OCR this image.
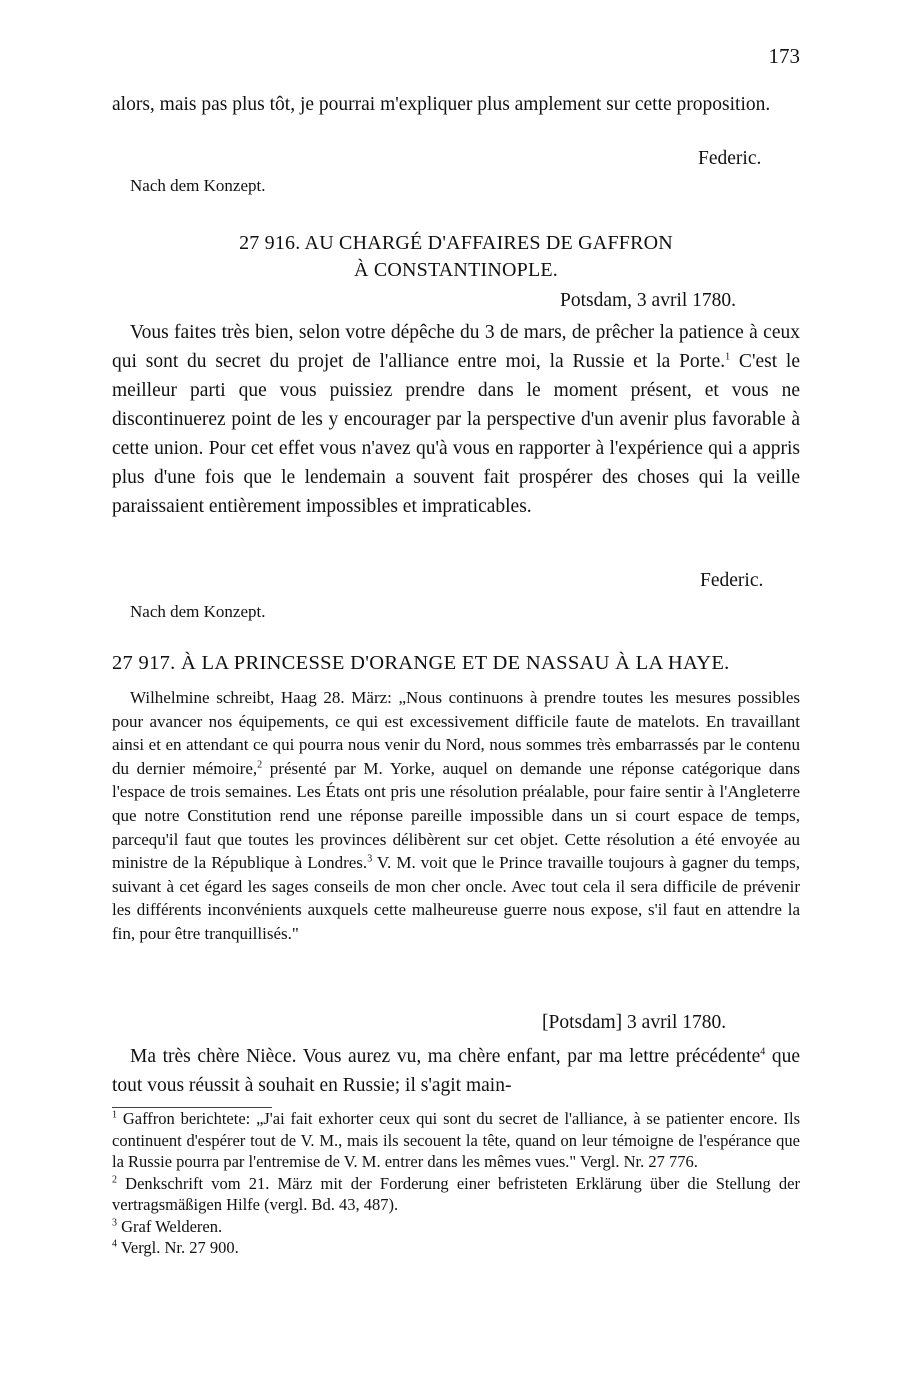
173

alors, mais pas plus tôt, je pourrai m'expliquer plus amplement sur cette proposition.

Federic.
Nach dem Konzept.
27 916. AU CHARGÉ D'AFFAIRES DE GAFFRON
À CONSTANTINOPLE.
Potsdam, 3 avril 1780.

Vous faites très bien, selon votre dépêche du 3 de mars, de prêcher la patience à ceux qui sont du secret du projet de l'alliance entre moi, la Russie et la Porte.$^1$ C'est le meilleur parti que vous puissiez prendre dans le moment présent, et vous ne discontinuerez point de les y encourager par la perspective d'un avenir plus favorable à cette union. Pour cet effet vous n'avez qu'à vous en rapporter à l'expérience qui a appris plus d'une fois que le lendemain a souvent fait prospérer des choses qui la veille paraissaient entièrement impossibles et impraticables.

Federic.
Nach dem Konzept.
27 917. À LA PRINCESSE D'ORANGE ET DE NASSAU À LA HAYE.

Wilhelmine schreibt, Haag 28. März: „Nous continuons à prendre toutes les mesures possibles pour avancer nos équipements, ce qui est excessivement difficile faute de matelots. En travaillant ainsi et en attendant ce qui pourra nous venir du Nord, nous sommes très embarrassés par le contenu du dernier mémoire,$^2$ présenté par M. Yorke, auquel on demande une réponse catégorique dans l'espace de trois semaines. Les États ont pris une résolution préalable, pour faire sentir à l'Angleterre que notre Constitution rend une réponse pareille impossible dans un si court espace de temps, parcequ'il faut que toutes les provinces délibèrent sur cet objet. Cette résolution a été envoyée au ministre de la République à Londres.$^3$ V. M. voit que le Prince travaille toujours à gagner du temps, suivant à cet égard les sages conseils de mon cher oncle. Avec tout cela il sera difficile de prévenir les différents inconvénients auxquels cette malheureuse guerre nous expose, s'il faut en attendre la fin, pour être tranquillisés."

[Potsdam] 3 avril 1780.

Ma très chère Nièce. Vous aurez vu, ma chère enfant, par ma lettre précédente$^4$ que tout vous réussit à souhait en Russie; il s'agit main-

$^1$ Gaffron berichtete: „J'ai fait exhorter ceux qui sont du secret de l'alliance, à se patienter encore. Ils continuent d'espérer tout de V. M., mais ils secouent la tête, quand on leur témoigne de l'espérance que la Russie pourra par l'entremise de V. M. entrer dans les mêmes vues." Vergl. Nr. 27 776.
$^2$ Denkschrift vom 21. März mit der Forderung einer befristeten Erklärung über die Stellung der vertragsmäßigen Hilfe (vergl. Bd. 43, 487).
$^3$ Graf Welderen.
$^4$ Vergl. Nr. 27 900.
